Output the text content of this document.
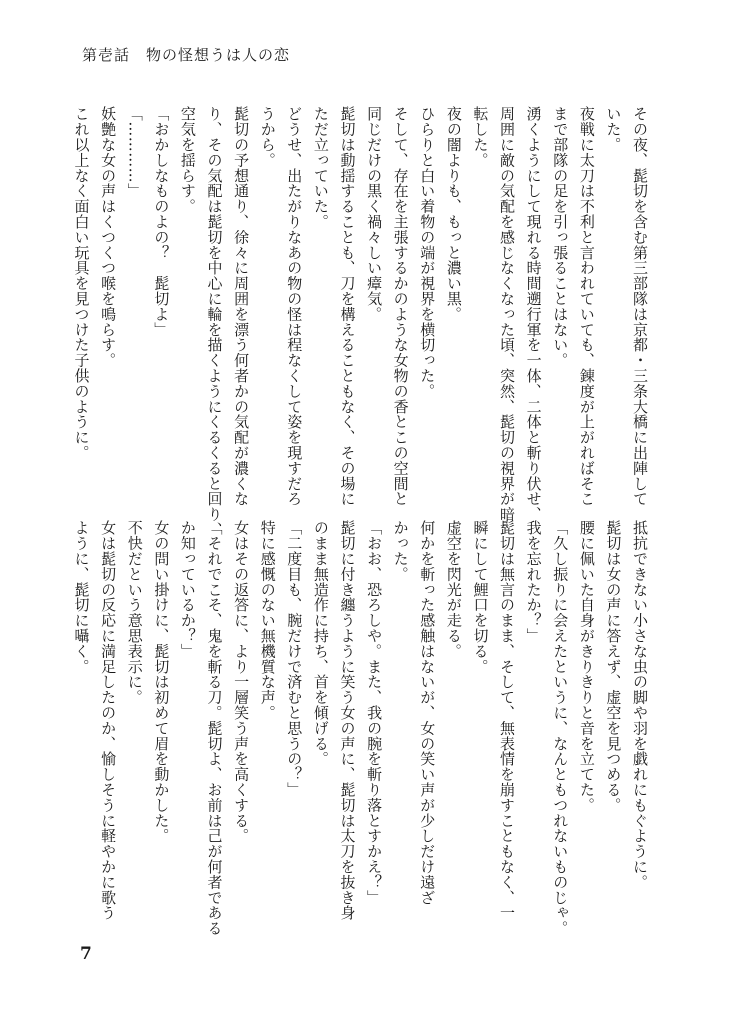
第壱話　物の怪想うは人の恋

その夜、髭切を含む第三部隊は京都・三条大橋に出陣して

いた。

夜戦に太刀は不利と言われていても、錬度が上がればそこ

まで部隊の足を引っ張ることはない。

湧くようにして現れる時間遡行軍を一体、二体と斬り伏せ、

周囲に敵の気配を感じなくなった頃、突然、髭切の視界が暗

転した。

夜の闇よりも、もっと濃い黒。

ひらりと白い着物の端が視界を横切った。

そして、存在を主張するかのような女物の香とこの空間と

同じだけの黒く禍々しい瘴気。

髭切は動揺することも、刀を構えることもなく、その場に

ただ立っていた。

どうせ、出たがりなあの物の怪は程なくして姿を現すだろ

うから。

髭切の予想通り、徐々に周囲を漂う何者かの気配が濃くな

り、その気配は髭切を中心に輪を描くようにくるくると回り、

空気を揺らす。

「おかしなものよの？　髭切よ」

「…………」

妖艶な女の声はくつくつ喉を鳴らす。

これ以上なく面白い玩具を見つけた子供のように。

抵抗できない小さな虫の脚や羽を戯れにもぐように。

髭切は女の声に答えず、虚空を見つめる。

腰に佩いた自身がきりきりと音を立てた。

「久し振りに会えたというに、なんともつれないものじゃ。

我を忘れたか？」

髭切は無言のまま、そして、無表情を崩すこともなく、一

瞬にして鯉口を切る。

虚空を閃光が走る。

何かを斬った感触はないが、女の笑い声が少しだけ遠ざ

かった。

「おお、恐ろしや。また、我の腕を斬り落とすかえ？」

髭切に付き纏うように笑う女の声に、髭切は太刀を抜き身

のまま無造作に持ち、首を傾げる。

「二度目も、腕だけで済むと思うの？」

特に感慨のない無機質な声。

女はその返答に、より一層笑う声を高くする。

「それでこそ、鬼を斬る刀。髭切よ、お前は己が何者である

か知っているか？」

女の問い掛けに、髭切は初めて眉を動かした。

不快だという意思表示に。

女は髭切の反応に満足したのか、愉しそうに軽やかに歌う

ように、髭切に囁く。

7
